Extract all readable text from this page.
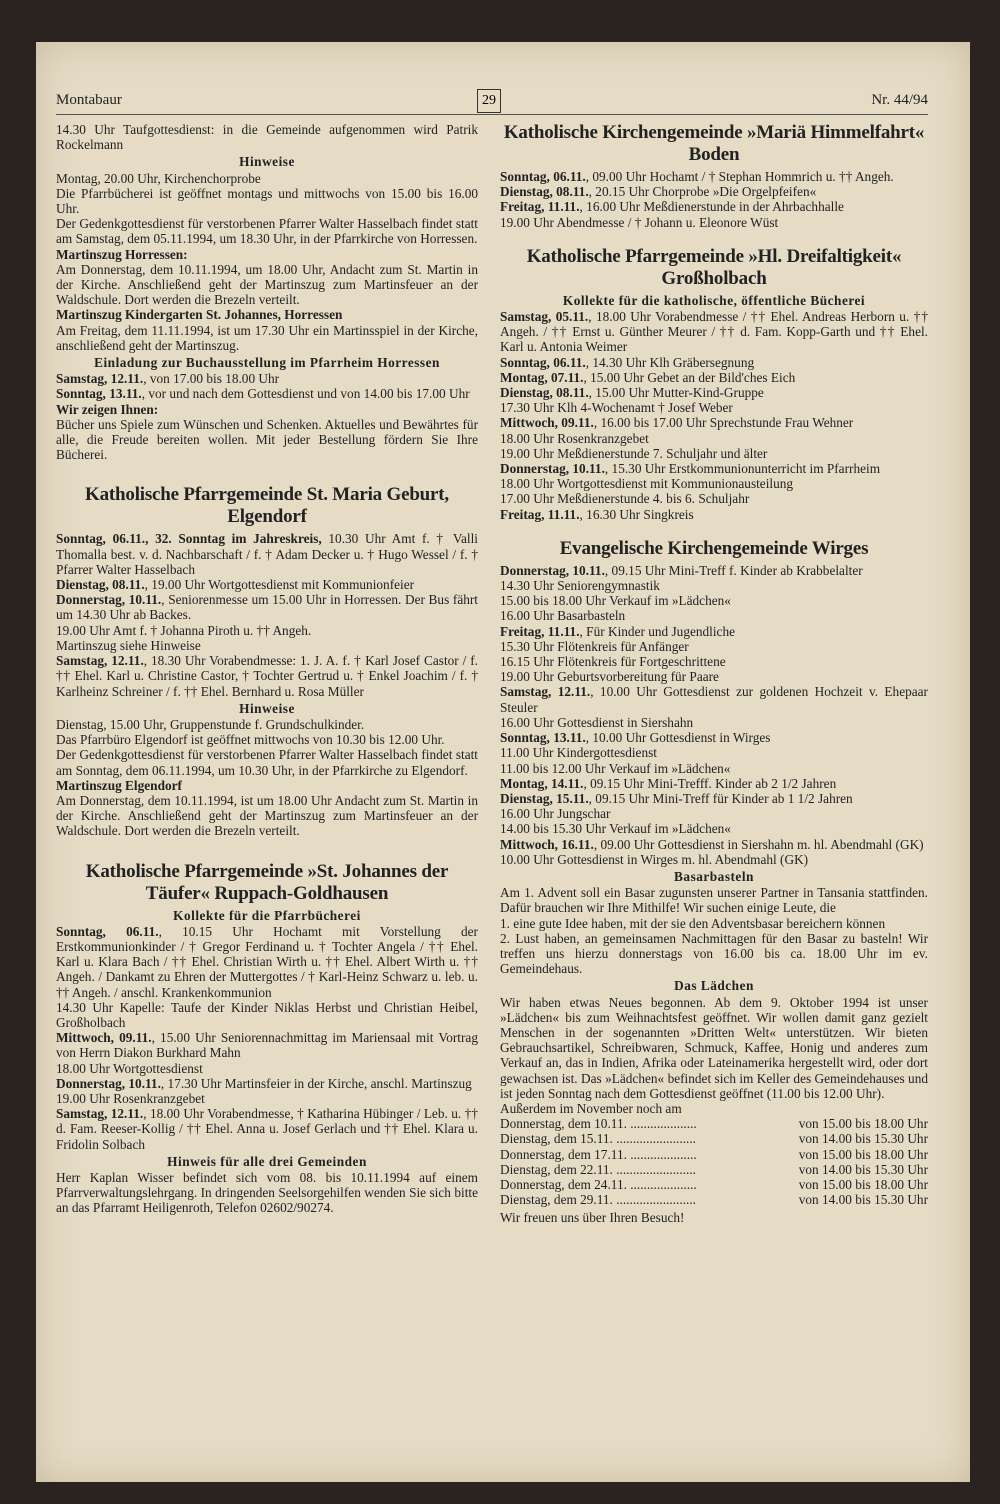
Montabaur	29	Nr. 44/94

14.30 Uhr Taufgottesdienst: in die Gemeinde aufgenommen wird Patrik Rockelmann

Hinweise

Montag, 20.00 Uhr, Kirchenchorprobe

Die Pfarrbücherei ist geöffnet montags und mittwochs von 15.00 bis 16.00 Uhr.

Der Gedenkgottesdienst für verstorbenen Pfarrer Walter Hasselbach findet statt am Samstag, dem 05.11.1994, um 18.30 Uhr, in der Pfarrkirche von Horressen.

Martinszug Horressen:

Am Donnerstag, dem 10.11.1994, um 18.00 Uhr, Andacht zum St. Martin in der Kirche. Anschließend geht der Martinszug zum Martinsfeuer an der Waldschule. Dort werden die Brezeln verteilt.

Martinszug Kindergarten St. Johannes, Horressen

Am Freitag, dem 11.11.1994, ist um 17.30 Uhr ein Martinsspiel in der Kirche, anschließend geht der Martinszug.

Einladung zur Buchausstellung im Pfarrheim Horressen

Samstag, 12.11., von 17.00 bis 18.00 Uhr

Sonntag, 13.11., vor und nach dem Gottesdienst und von 14.00 bis 17.00 Uhr

Wir zeigen Ihnen:

Bücher uns Spiele zum Wünschen und Schenken. Aktuelles und Bewährtes für alle, die Freude bereiten wollen. Mit jeder Bestellung fördern Sie Ihre Bücherei.

Katholische Pfarrgemeinde St. Maria Geburt, Elgendorf

Sonntag, 06.11., 32. Sonntag im Jahreskreis, 10.30 Uhr Amt f. † Valli Thomalla best. v. d. Nachbarschaft / f. † Adam Decker u. † Hugo Wessel / f. † Pfarrer Walter Hasselbach

Dienstag, 08.11., 19.00 Uhr Wortgottesdienst mit Kommunionfeier

Donnerstag, 10.11., Seniorenmesse um 15.00 Uhr in Horressen. Der Bus fährt um 14.30 Uhr ab Backes.

19.00 Uhr Amt f. † Johanna Piroth u. †† Angeh.

Martinszug siehe Hinweise

Samstag, 12.11., 18.30 Uhr Vorabendmesse: 1. J. A. f. † Karl Josef Castor / f. †† Ehel. Karl u. Christine Castor, † Tochter Gertrud u. † Enkel Joachim / f. † Karlheinz Schreiner / f. †† Ehel. Bernhard u. Rosa Müller

Hinweise

Dienstag, 15.00 Uhr, Gruppenstunde f. Grundschulkinder.

Das Pfarrbüro Elgendorf ist geöffnet mittwochs von 10.30 bis 12.00 Uhr.

Der Gedenkgottesdienst für verstorbenen Pfarrer Walter Hasselbach findet statt am Sonntag, dem 06.11.1994, um 10.30 Uhr, in der Pfarrkirche zu Elgendorf.

Martinszug Elgendorf

Am Donnerstag, dem 10.11.1994, ist um 18.00 Uhr Andacht zum St. Martin in der Kirche. Anschließend geht der Martinszug zum Martinsfeuer an der Waldschule. Dort werden die Brezeln verteilt.

Katholische Pfarrgemeinde »St. Johannes der Täufer« Ruppach-Goldhausen
Kollekte für die Pfarrbücherei

Sonntag, 06.11., 10.15 Uhr Hochamt mit Vorstellung der Erstkommunionkinder / † Gregor Ferdinand u. † Tochter Angela / †† Ehel. Karl u. Klara Bach / †† Ehel. Christian Wirth u. †† Ehel. Albert Wirth u. †† Angeh. / Dankamt zu Ehren der Muttergottes / † Karl-Heinz Schwarz u. leb. u. †† Angeh. / anschl. Krankenkommunion

14.30 Uhr Kapelle: Taufe der Kinder Niklas Herbst und Christian Heibel, Großholbach

Mittwoch, 09.11., 15.00 Uhr Seniorennachmittag im Mariensaal mit Vortrag von Herrn Diakon Burkhard Mahn

18.00 Uhr Wortgottesdienst

Donnerstag, 10.11., 17.30 Uhr Martinsfeier in der Kirche, anschl. Martinszug

19.00 Uhr Rosenkranzgebet

Samstag, 12.11., 18.00 Uhr Vorabendmesse, † Katharina Hübinger / Leb. u. †† d. Fam. Reeser-Kollig / †† Ehel. Anna u. Josef Gerlach und †† Ehel. Klara u. Fridolin Solbach

Hinweis für alle drei Gemeinden

Herr Kaplan Wisser befindet sich vom 08. bis 10.11.1994 auf einem Pfarrverwaltungslehrgang. In dringenden Seelsorgehilfen wenden Sie sich bitte an das Pfarramt Heiligenroth, Telefon 02602/90274.

Katholische Kirchengemeinde »Mariä Himmelfahrt« Boden

Sonntag, 06.11., 09.00 Uhr Hochamt / † Stephan Hommrich u. †† Angeh.

Dienstag, 08.11., 20.15 Uhr Chorprobe »Die Orgelpfeifen«

Freitag, 11.11., 16.00 Uhr Meßdienerstunde in der Ahrbachhalle

19.00 Uhr Abendmesse / † Johann u. Eleonore Wüst

Katholische Pfarrgemeinde »Hl. Dreifaltigkeit« Großholbach
Kollekte für die katholische, öffentliche Bücherei

Samstag, 05.11., 18.00 Uhr Vorabendmesse / †† Ehel. Andreas Herborn u. †† Angeh. / †† Ernst u. Günther Meurer / †† d. Fam. Kopp-Garth und †† Ehel. Karl u. Antonia Weimer

Sonntag, 06.11., 14.30 Uhr Klh Gräbersegnung

Montag, 07.11., 15.00 Uhr Gebet an der Bild'ches Eich

Dienstag, 08.11., 15.00 Uhr Mutter-Kind-Gruppe

17.30 Uhr Klh 4-Wochenamt † Josef Weber

Mittwoch, 09.11., 16.00 bis 17.00 Uhr Sprechstunde Frau Wehner

18.00 Uhr Rosenkranzgebet

19.00 Uhr Meßdienerstunde 7. Schuljahr und älter

Donnerstag, 10.11., 15.30 Uhr Erstkommunionunterricht im Pfarrheim

18.00 Uhr Wortgottesdienst mit Kommunionausteilung

17.00 Uhr Meßdienerstunde 4. bis 6. Schuljahr

Freitag, 11.11., 16.30 Uhr Singkreis

Evangelische Kirchengemeinde Wirges

Donnerstag, 10.11., 09.15 Uhr Mini-Treff f. Kinder ab Krabbelalter

14.30 Uhr Seniorengymnastik

15.00 bis 18.00 Uhr Verkauf im »Lädchen«

16.00 Uhr Basarbasteln

Freitag, 11.11., Für Kinder und Jugendliche

15.30 Uhr Flötenkreis für Anfänger

16.15 Uhr Flötenkreis für Fortgeschrittene

19.00 Uhr Geburtsvorbereitung für Paare

Samstag, 12.11., 10.00 Uhr Gottesdienst zur goldenen Hochzeit v. Ehepaar Steuler

16.00 Uhr Gottesdienst in Siershahn

Sonntag, 13.11., 10.00 Uhr Gottesdienst in Wirges

11.00 Uhr Kindergottesdienst

11.00 bis 12.00 Uhr Verkauf im »Lädchen«

Montag, 14.11., 09.15 Uhr Mini-Trefff. Kinder ab 2 1/2 Jahren

Dienstag, 15.11., 09.15 Uhr Mini-Treff für Kinder ab 1 1/2 Jahren

16.00 Uhr Jungschar

14.00 bis 15.30 Uhr Verkauf im »Lädchen«

Mittwoch, 16.11., 09.00 Uhr Gottesdienst in Siershahn m. hl. Abendmahl (GK)

10.00 Uhr Gottesdienst in Wirges m. hl. Abendmahl (GK)

Basarbasteln

Am 1. Advent soll ein Basar zugunsten unserer Partner in Tansania stattfinden. Dafür brauchen wir Ihre Mithilfe! Wir suchen einige Leute, die

1. eine gute Idee haben, mit der sie den Adventsbasar bereichern können

2. Lust haben, an gemeinsamen Nachmittagen für den Basar zu basteln! Wir treffen uns hierzu donnerstags von 16.00 bis ca. 18.00 Uhr im ev. Gemeindehaus.

Das Lädchen

Wir haben etwas Neues begonnen. Ab dem 9. Oktober 1994 ist unser »Lädchen« bis zum Weihnachtsfest geöffnet. Wir wollen damit ganz gezielt Menschen in der sogenannten »Dritten Welt« unterstützen. Wir bieten Gebrauchsartikel, Schreibwaren, Schmuck, Kaffee, Honig und anderes zum Verkauf an, das in Indien, Afrika oder Lateinamerika hergestellt wird, oder dort gewachsen ist. Das »Lädchen« befindet sich im Keller des Gemeindehauses und ist jeden Sonntag nach dem Gottesdienst geöffnet (11.00 bis 12.00 Uhr).

Außerdem im November noch am

Donnerstag, dem 10.11. ....................	von 15.00 bis 18.00 Uhr
Dienstag, dem 15.11. ........................	von 14.00 bis 15.30 Uhr
Donnerstag, dem 17.11. ....................	von 15.00 bis 18.00 Uhr
Dienstag, dem 22.11. ........................	von 14.00 bis 15.30 Uhr
Donnerstag, dem 24.11. ....................	von 15.00 bis 18.00 Uhr
Dienstag, dem 29.11. ........................	von 14.00 bis 15.30 Uhr

Wir freuen uns über Ihren Besuch!
